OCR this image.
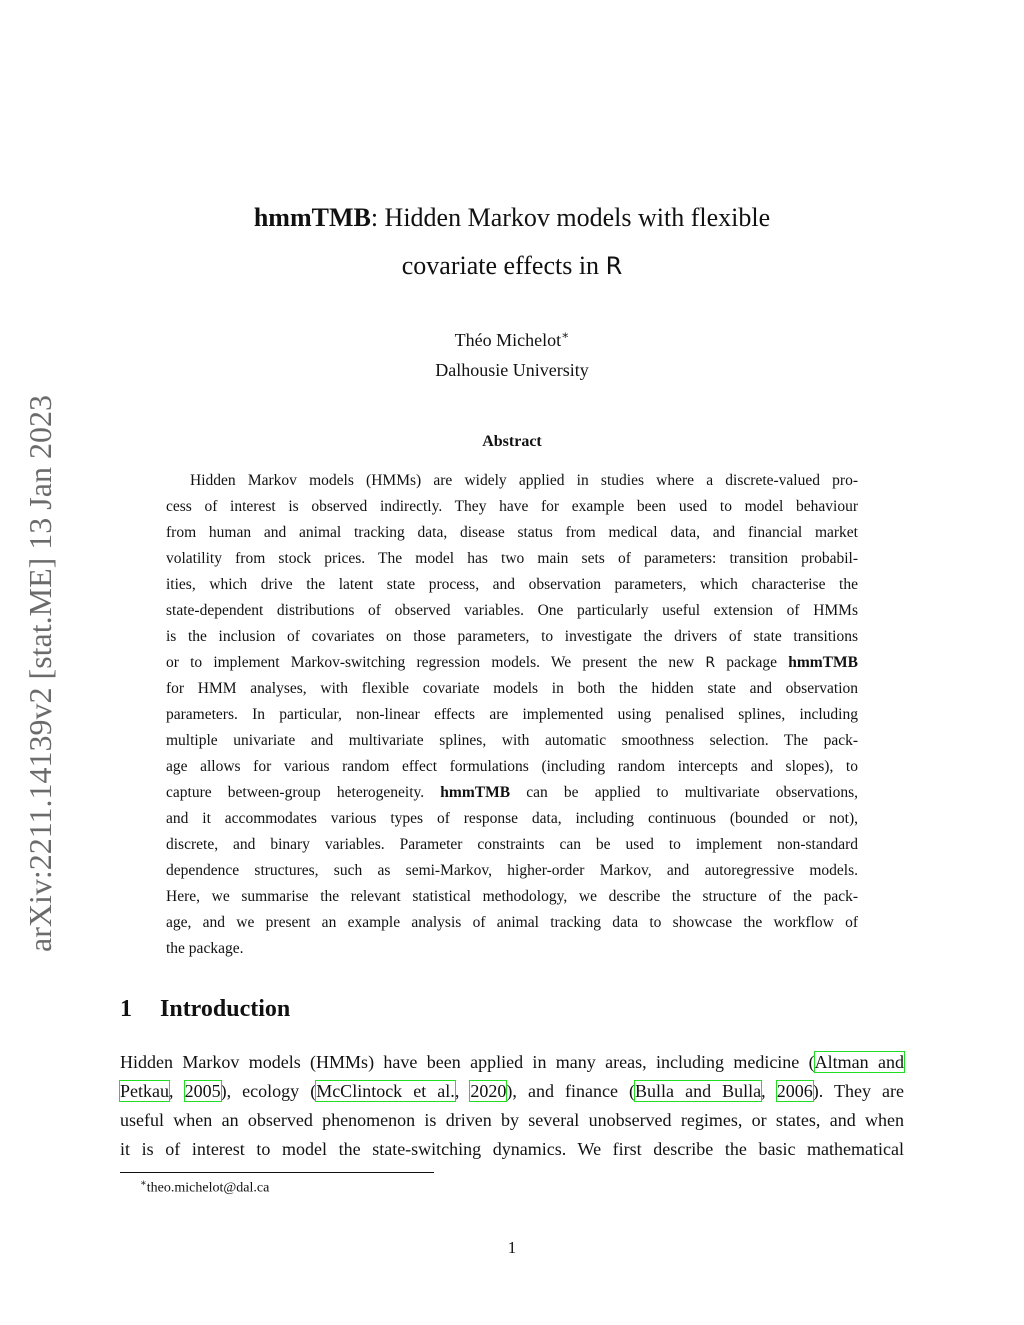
arXiv:2211.14139v2 [stat.ME] 13 Jan 2023
hmmTMB: Hidden Markov models with flexible
covariate effects in R
Théo Michelot∗
Dalhousie University
Abstract
Hidden Markov models (HMMs) are widely applied in studies where a discrete-valued pro-
cess of interest is observed indirectly. They have for example been used to model behaviour
from human and animal tracking data, disease status from medical data, and financial market
volatility from stock prices. The model has two main sets of parameters: transition probabil-
ities, which drive the latent state process, and observation parameters, which characterise the
state-dependent distributions of observed variables. One particularly useful extension of HMMs
is the inclusion of covariates on those parameters, to investigate the drivers of state transitions
or to implement Markov-switching regression models. We present the new R package hmmTMB
for HMM analyses, with flexible covariate models in both the hidden state and observation
parameters. In particular, non-linear effects are implemented using penalised splines, including
multiple univariate and multivariate splines, with automatic smoothness selection. The pack-
age allows for various random effect formulations (including random intercepts and slopes), to
capture between-group heterogeneity. hmmTMB can be applied to multivariate observations,
and it accommodates various types of response data, including continuous (bounded or not),
discrete, and binary variables. Parameter constraints can be used to implement non-standard
dependence structures, such as semi-Markov, higher-order Markov, and autoregressive models.
Here, we summarise the relevant statistical methodology, we describe the structure of the pack-
age, and we present an example analysis of animal tracking data to showcase the workflow of
the package.
1 Introduction
Hidden Markov models (HMMs) have been applied in many areas, including medicine (Altman and
Petkau, 2005), ecology (McClintock et al., 2020), and finance (Bulla and Bulla, 2006). They are
useful when an observed phenomenon is driven by several unobserved regimes, or states, and when
it is of interest to model the state-switching dynamics. We first describe the basic mathematical
∗theo.michelot@dal.ca
1
